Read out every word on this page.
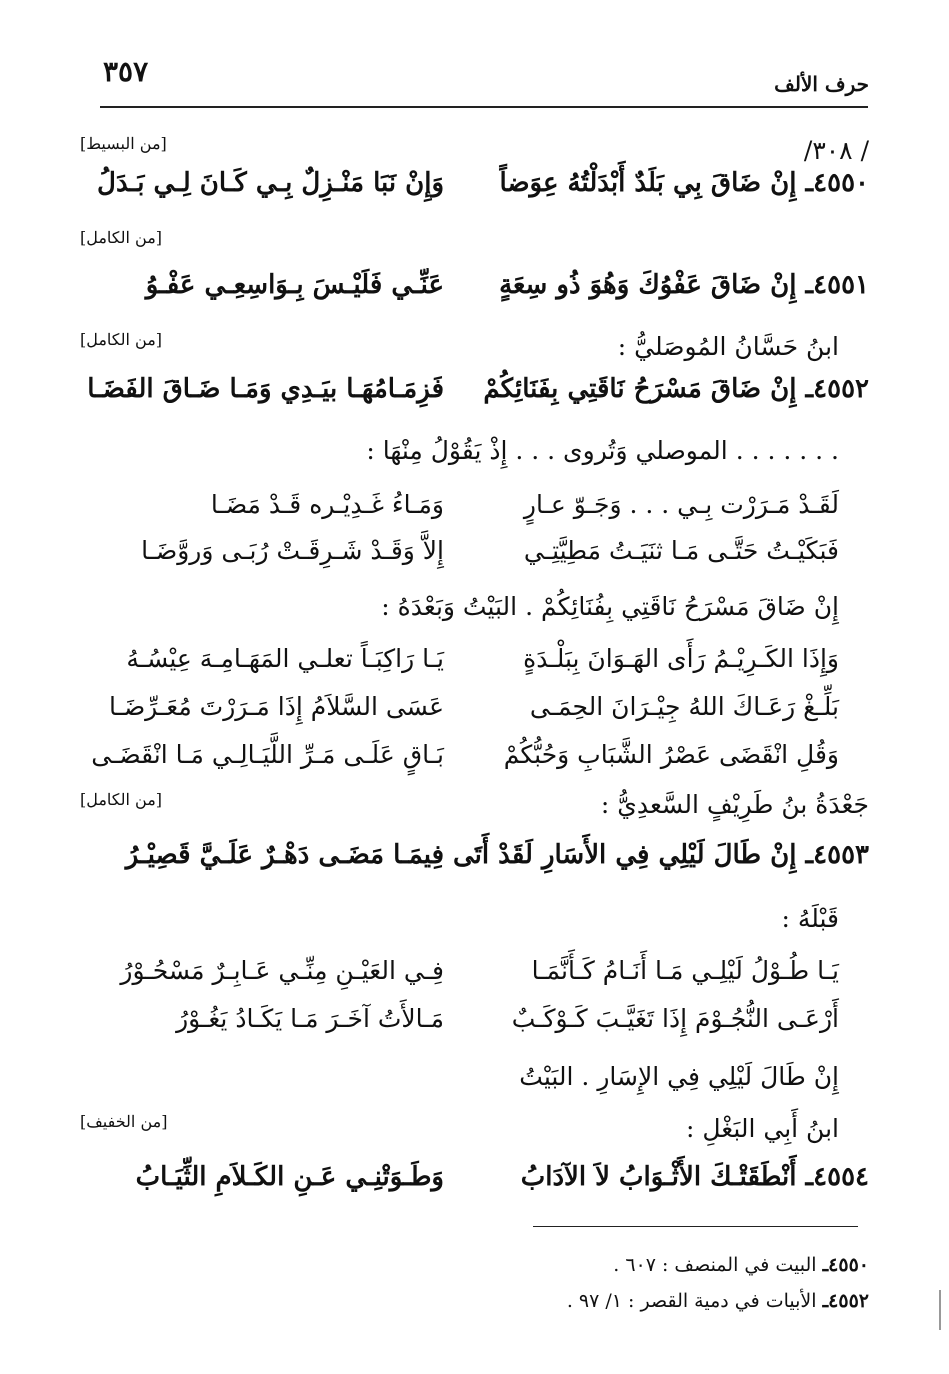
٣٥٧	حرف الألف
/ ٣٠٨/
[من البسيط]
٤٥٥٠ـ إِنْ ضَاقَ بِي بَلَدٌ أَبْدَلْتُهُ عِوَضاً
وَإِنْ نَبَا مَنْـزِلٌ بِـي كَـانَ لِـي بَـدَلُ
[من الكامل]
٤٥٥١ـ إِنْ ضَاقَ عَفْوُكَ وَهُوَ ذُو سِعَةٍ
عَنِّـي فَلَيْـسَ بِـوَاسِعِـي عَفْـوُ
ابنُ حَسَّانُ المُوصَليُّ :
[من الكامل]
٤٥٥٢ـ إِنْ ضَاقَ مَسْرَحُ نَاقَتِي بِفَنَائِكُمْ
فَزِمَـامُهَـا بيَـدِي وَمَـا ضَـاقَ الفَضَـا
. . . . . . . الموصلي وَتُروى . . . إِذْ يَقُوْلُ مِنْهَا :
لَقَـدْ مَـرَرْت بِـي . . . وَجَـوّ عـارٍ
وَمَـاءُ غَـدِيْـره قَـدْ مَضَـا
فَبَكَيْـتُ حَتَّـى مَـا ثنَيَـتُ مَطِيَّتِـي
إِلاَّ وَقَـدْ شَـرِقَـتْ رُبَـى وَروَّضَـا
إِنْ ضَاقَ مَسْرَحُ نَاقَتِي بِفُنَائِكُمْ . البَيْتُ وَبَعْدَهُ :
وَإِذَا الكَـرِيْـمُ رَأَى الهَـوَانَ بِبَلْـدَةٍ
يَـا رَاكِبَـاً تعلـي المَهَـامِـهَ عِيْسُـهُ
بَلِّـغْ رَعَـاكَ اللهُ جِيْـرَانَ الحِمَـى
عَسَى السَّلاَمُ إِذَا مَـرَرْتَ مُعَـرِّضَـا
وَقُلِ انْقَضَى عَصْرُ الشَّبَابِ وَحُبُّكُمْ
بَـاقٍ عَلَـى مَـرِّ اللَّيَـالِـي مَـا انْقَضَـى
جَعْدَةُ بنُ طَرِيْفٍ السَّعدِيُّ :
[من الكامل]
٤٥٥٣ـ إِنْ طَالَ لَيْلِي فِي الأَسَارِ لَقَدْ أَتَى
فِيمَـا مَضَـى دَهْـرٌ عَلَـيَّ قَصِيْـرُ
قَبْلَهُ :
يَـا طُـوْلُ لَيْلِـي مَـا أَنَـامُ كَـأَنَّمَـا
فِـي العَيْـنِ مِنِّـي عَـابِـرٌ مَسْحُـوْرُ
أَرْعَـى النُّجُـوْمَ إِذَا تَغَيَّـبَ كَـوْكَـبٌ
مَـالأَتُ آخَـرَ مَـا يَكَـادُ يَغُـوْرُ
إِنْ طَالَ لَيْلِي فِي الإِسَارِ . البَيْتُ
ابنُ أَبِي البَغْلِ :
[من الخفيف]
٤٥٥٤ـ أَنْطَقَتْـكَ الأَثْـوَابُ لاَ الآدَابُ
وَطَـوَتْنِـي عَـنِ الكَـلاَمِ الثِّيَـابُ
٤٥٥٠ـ البيت في المنصف : ٦٠٧ .
٤٥٥٢ـ الأبيات في دمية القصر : ١/ ٩٧ .
